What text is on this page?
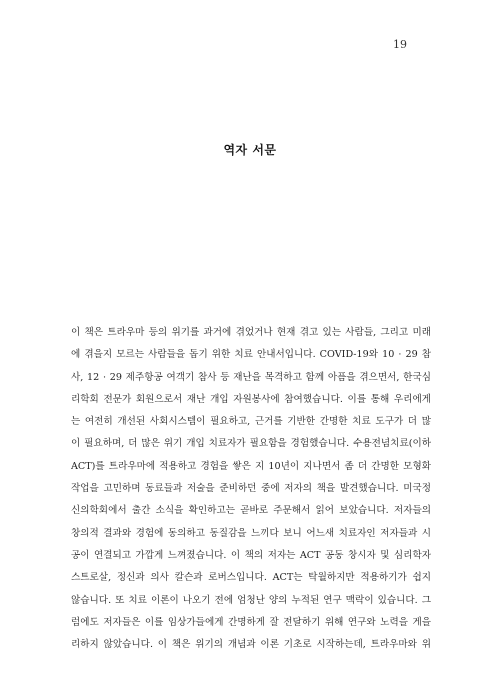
19
역자 서문
이 책은 트라우마 등의 위기를 과거에 겪었거나 현재 겪고 있는 사람들, 그리고 미래
에 겪을지 모르는 사람들을 돕기 위한 치료 안내서입니다. COVID-19와 10 · 29 참
사, 12 · 29 제주항공 여객기 참사 등 재난을 목격하고 함께 아픔을 겪으면서, 한국심
리학회 전문가 회원으로서 재난 개입 자원봉사에 참여했습니다. 이를 통해 우리에게
는 여전히 개선된 사회시스템이 필요하고, 근거를 기반한 간명한 치료 도구가 더 많
이 필요하며, 더 많은 위기 개입 치료자가 필요함을 경험했습니다. 수용전념치료(이하
ACT)를 트라우마에 적용하고 경험을 쌓은 지 10년이 지나면서 좀 더 간명한 모형화
작업을 고민하며 동료들과 저술을 준비하던 중에 저자의 책을 발견했습니다. 미국정
신의학회에서 출간 소식을 확인하고는 곧바로 주문해서 읽어 보았습니다. 저자들의
창의적 결과와 경험에 동의하고 동질감을 느끼다 보니 어느새 치료자인 저자들과 시
공이 연결되고 가깝게 느껴졌습니다. 이 책의 저자는 ACT 공동 창시자 및 심리학자
스트로살, 정신과 의사 칼슨과 로버스입니다. ACT는 탁월하지만 적용하기가 쉽지
않습니다. 또 치료 이론이 나오기 전에 엄청난 양의 누적된 연구 맥락이 있습니다. 그
럼에도 저자들은 이를 임상가들에게 간명하게 잘 전달하기 위해 연구와 노력을 게을
리하지 않았습니다. 이 책은 위기의 개념과 이론 기초로 시작하는데, 트라우마와 위
